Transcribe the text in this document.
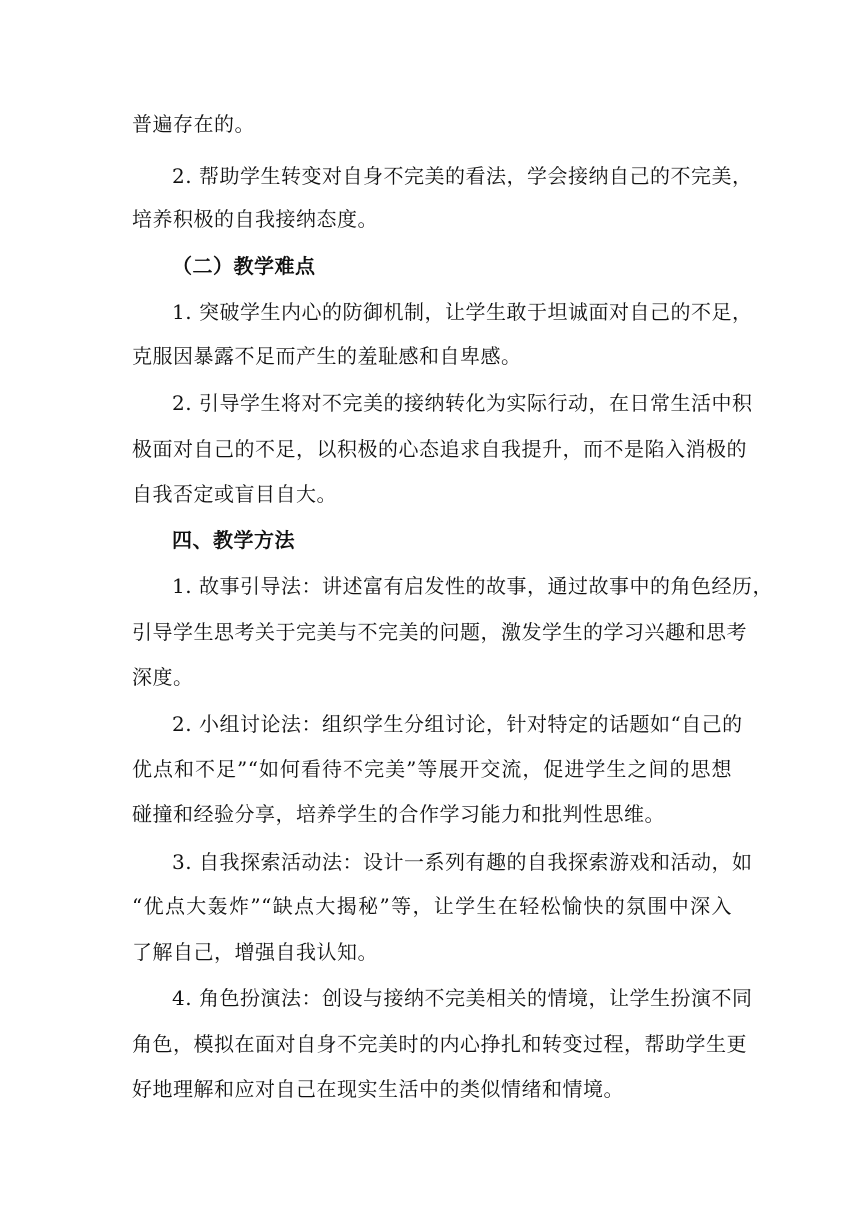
普遍存在的。
2. 帮助学生转变对自身不完美的看法，学会接纳自己的不完美，
培养积极的自我接纳态度。
（二）教学难点
1. 突破学生内心的防御机制，让学生敢于坦诚面对自己的不足，
克服因暴露不足而产生的羞耻感和自卑感。
2. 引导学生将对不完美的接纳转化为实际行动，在日常生活中积
极面对自己的不足，以积极的心态追求自我提升，而不是陷入消极的
自我否定或盲目自大。
四、教学方法
1. 故事引导法：讲述富有启发性的故事，通过故事中的角色经历，
引导学生思考关于完美与不完美的问题，激发学生的学习兴趣和思考
深度。
2. 小组讨论法：组织学生分组讨论，针对特定的话题如“自己的
优点和不足”“如何看待不完美”等展开交流，促进学生之间的思想
碰撞和经验分享，培养学生的合作学习能力和批判性思维。
3. 自我探索活动法：设计一系列有趣的自我探索游戏和活动，如
“优点大轰炸”“缺点大揭秘”等，让学生在轻松愉快的氛围中深入
了解自己，增强自我认知。
4. 角色扮演法：创设与接纳不完美相关的情境，让学生扮演不同
角色，模拟在面对自身不完美时的内心挣扎和转变过程，帮助学生更
好地理解和应对自己在现实生活中的类似情绪和情境。
